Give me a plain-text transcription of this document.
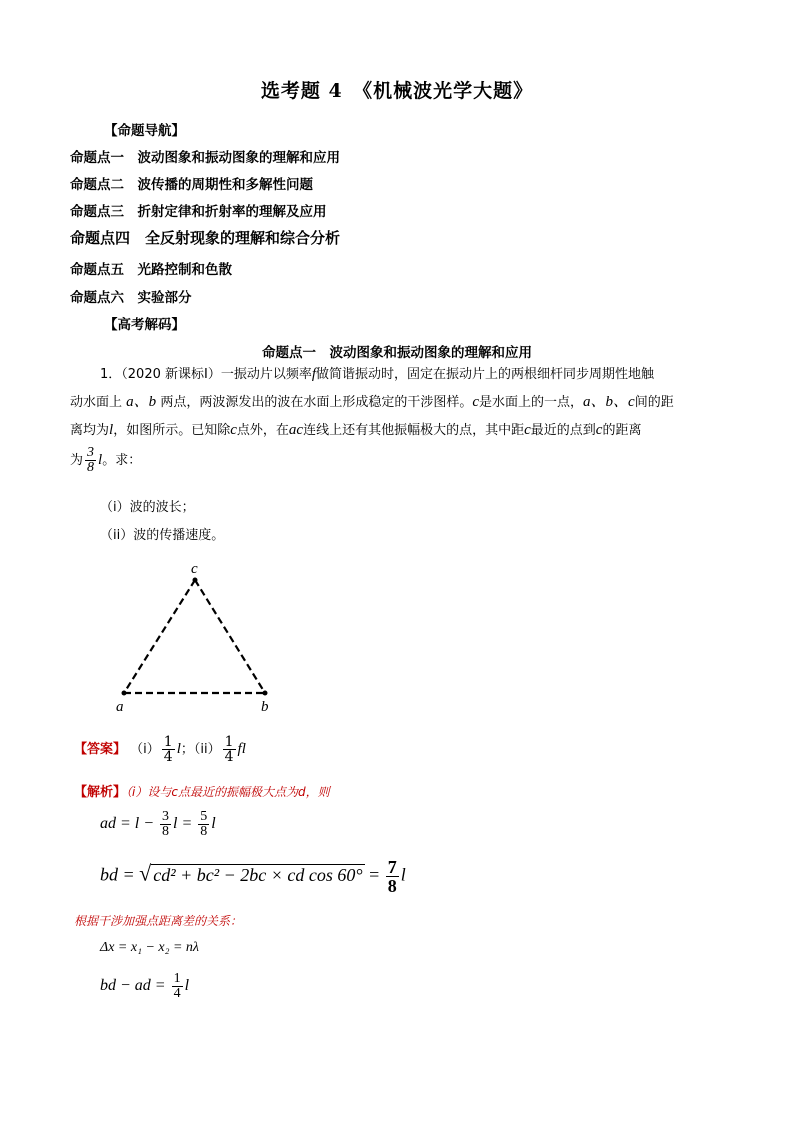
选考题 4　《机械波光学大题》
【命题导航】
命题点一　波动图象和振动图象的理解和应用
命题点二　波传播的周期性和多解性问题
命题点三　折射定律和折射率的理解及应用
命题点四　全反射现象的理解和综合分析
命题点五　光路控制和色散
命题点六　实验部分
【高考解码】
命题点一　波动图象和振动图象的理解和应用
1．（2020 新课标Ⅰ）一振动片以频率f做简谐振动时，固定在振动片上的两根细杆同步周期性地触
动水面上 a、b 两点，两波源发出的波在水面上形成稳定的干涉图样。c是水面上的一点，a、b、c间的距
离均为l，如图所示。已知除c点外，在ac连线上还有其他振幅极大的点，其中距c最近的点到c的距离
为 $\frac{3}{8}$ l。求：
（i）波的波长；
（ii）波的传播速度。
c
a	b
【答案】 $(i) \frac{1}{4}$ l；$(ii) \frac{1}{4}$ fl
【解析】（i）设与c点最近的振幅极大点为d，则
ad = $l - \frac{3}{8}$ $l = \frac{5}{8}$ l
bd = √ cd² + bc² − 2bc × cd $\cos 60^\circ = \frac{7}{8}$ l
根据干涉加强点距离差的关系：
Δx = x₁ − x₂ = nλ
bd − ad = $\frac{1}{4}$ l
